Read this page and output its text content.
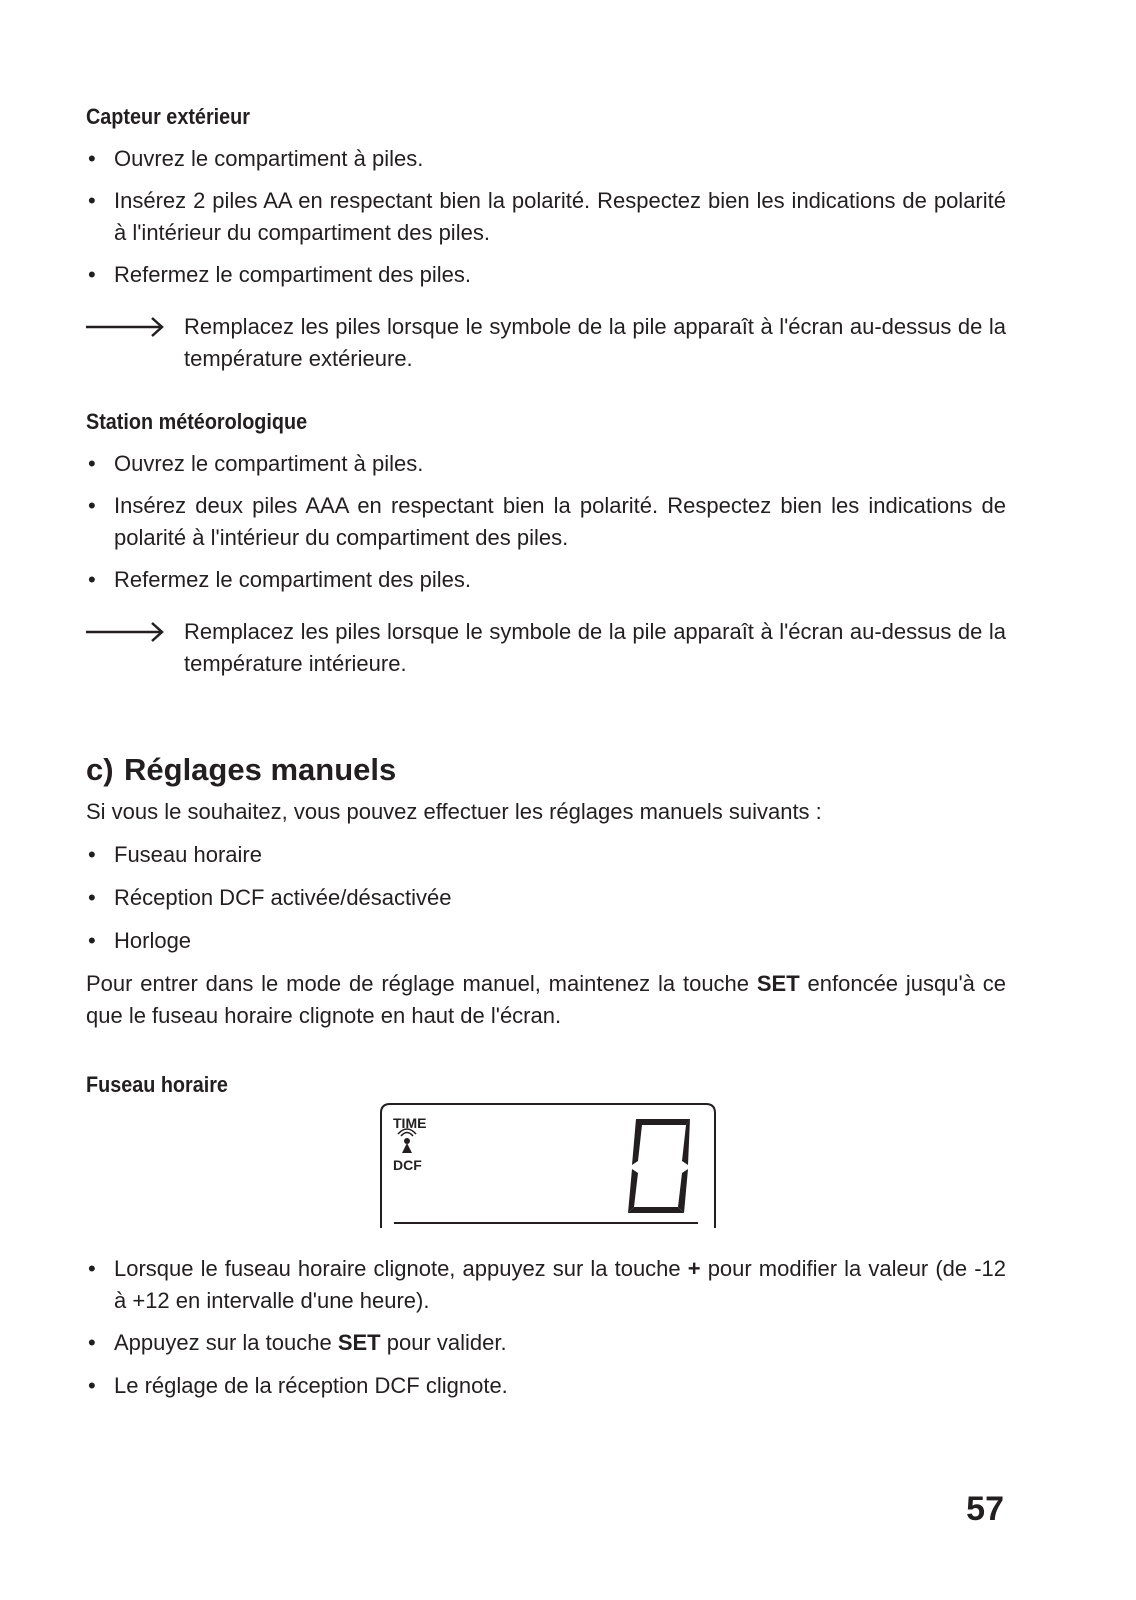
Capteur extérieur
• Ouvrez le compartiment à piles.
• Insérez 2 piles AA en respectant bien la polarité. Respectez bien les indications de polarité à l'intérieur du compartiment des piles.
• Refermez le compartiment des piles.
Remplacez les piles lorsque le symbole de la pile apparaît à l'écran au-dessus de la température extérieure.
Station météorologique
• Ouvrez le compartiment à piles.
• Insérez deux piles AAA en respectant bien la polarité. Respectez bien les indications de polarité à l'intérieur du compartiment des piles.
• Refermez le compartiment des piles.
Remplacez les piles lorsque le symbole de la pile apparaît à l'écran au-dessus de la température intérieure.
c) Réglages manuels
Si vous le souhaitez, vous pouvez effectuer les réglages manuels suivants :
• Fuseau horaire
• Réception DCF activée/désactivée
• Horloge
Pour entrer dans le mode de réglage manuel, maintenez la touche SET enfoncée jusqu'à ce que le fuseau horaire clignote en haut de l'écran.
Fuseau horaire
• Lorsque le fuseau horaire clignote, appuyez sur la touche + pour modifier la valeur (de -12 à +12 en intervalle d'une heure).
• Appuyez sur la touche SET pour valider.
• Le réglage de la réception DCF clignote.
TIME
DCF
57
